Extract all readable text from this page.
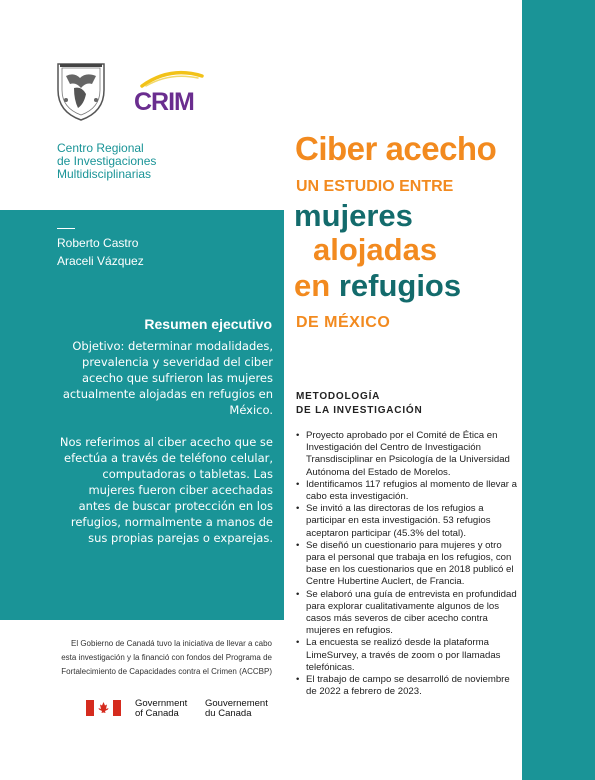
CRIM
Centro Regional
de Investigaciones
Multidisciplinarias
Roberto Castro
Araceli Vázquez
Resumen ejecutivo
Objetivo: determinar modalidades, prevalencia y severidad del ciber acecho que sufrieron las mujeres actualmente alojadas en refugios en México.
Nos referimos al ciber acecho que se efectúa a través de teléfono celular, computadoras o tabletas. Las mujeres fueron ciber acechadas antes de buscar protección en los refugios, normalmente a manos de sus propias parejas o exparejas.
El Gobierno de Canadá tuvo la iniciativa de llevar a cabo esta investigación y la financió con fondos del Programa de Fortalecimiento de Capacidades contra el Crimen (ACCBP)
Government
of Canada
Gouvernement
du Canada
Ciber acecho
UN ESTUDIO ENTRE
mujeres
alojadas
en refugios
DE MÉXICO
METODOLOGÍA
DE LA INVESTIGACIÓN
• Proyecto aprobado por el Comité de Ética en Investigación del Centro de Investigación Transdisciplinar en Psicología de la Universidad Autónoma del Estado de Morelos.
• Identificamos 117 refugios al momento de llevar a cabo esta investigación.
• Se invitó a las directoras de los refugios a participar en esta investigación. 53 refugios aceptaron participar (45.3% del total).
• Se diseñó un cuestionario para mujeres y otro para el personal que trabaja en los refugios, con base en los cuestionarios que en 2018 publicó el Centre Hubertine Auclert, de Francia.
• Se elaboró una guía de entrevista en profundidad para explorar cualitativamente algunos de los casos más severos de ciber acecho contra mujeres en refugios.
• La encuesta se realizó desde la plataforma LimeSurvey, a través de zoom o por llamadas telefónicas.
• El trabajo de campo se desarrolló de noviembre de 2022 a febrero de 2023.
